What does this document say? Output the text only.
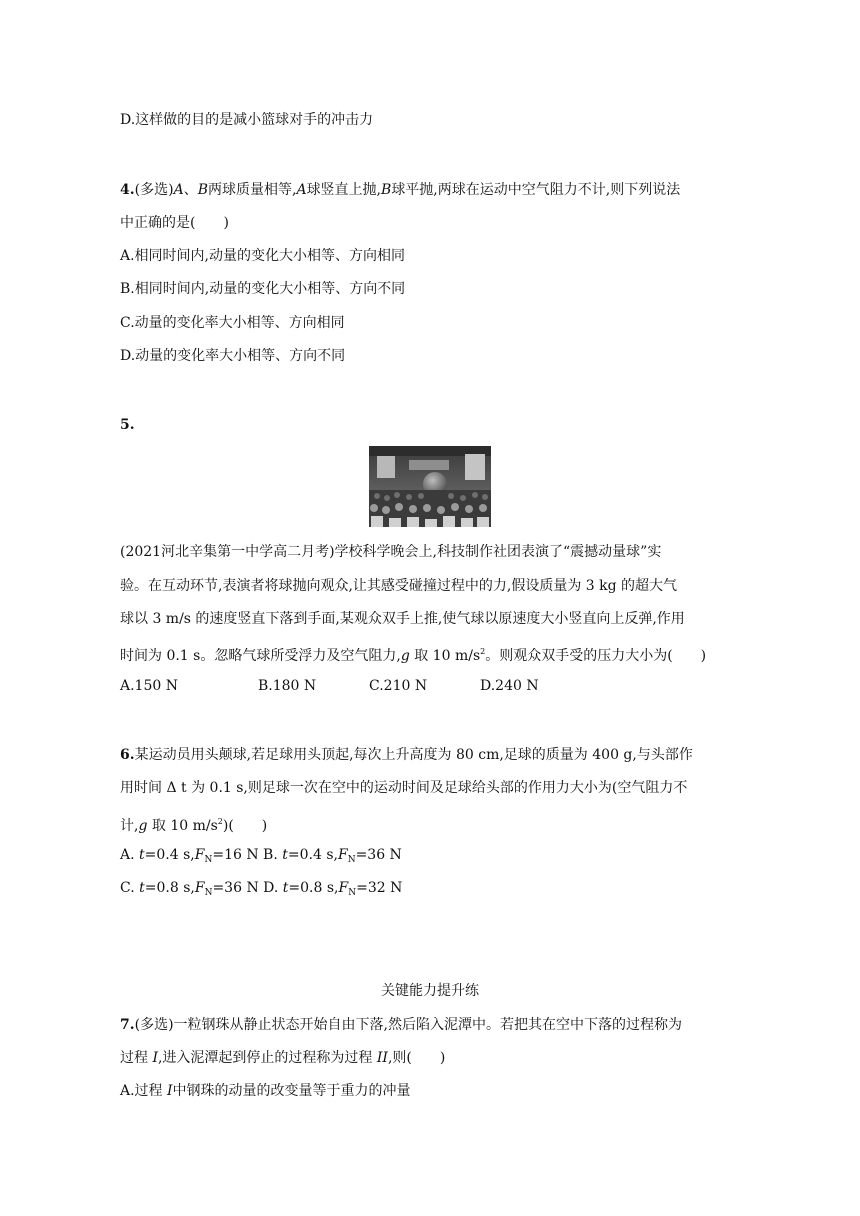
D.这样做的目的是减小篮球对手的冲击力
4.(多选)A、B两球质量相等,A球竖直上抛,B球平抛,两球在运动中空气阻力不计,则下列说法
中正确的是(　　)
A.相同时间内,动量的变化大小相等、方向相同
B.相同时间内,动量的变化大小相等、方向不同
C.动量的变化率大小相等、方向相同
D.动量的变化率大小相等、方向不同
5.
(2021河北辛集第一中学高二月考)学校科学晚会上,科技制作社团表演了“震撼动量球”实
验。在互动环节,表演者将球抛向观众,让其感受碰撞过程中的力,假设质量为 3 kg 的超大气
球以 3 m/s 的速度竖直下落到手面,某观众双手上推,使气球以原速度大小竖直向上反弹,作用
时间为 0.1 s。忽略气球所受浮力及空气阻力,g 取 10 $m/s^2$。则观众双手受的压力大小为(　　)
A.150 N	B.180 N	C.210 N	D.240 N
6.某运动员用头颠球,若足球用头顶起,每次上升高度为 80 cm,足球的质量为 400 g,与头部作
用时间 Δ t 为 0.1 s,则足球一次在空中的运动时间及足球给头部的作用力大小为(空气阻力不
计,g 取 10 $m/s^2$)(　　)
A. t=0.4 $s,F_N=16$ N B. t=0.4 $s,F_N=36$ N
C. t=0.8 $s,F_N=36$ N D. t=0.8 $s,F_N=32$ N
关键能力提升练
7.(多选)一粒钢珠从静止状态开始自由下落,然后陷入泥潭中。若把其在空中下落的过程称为
过程 I,进入泥潭起到停止的过程称为过程 II,则(　　)
A.过程 I中钢珠的动量的改变量等于重力的冲量
